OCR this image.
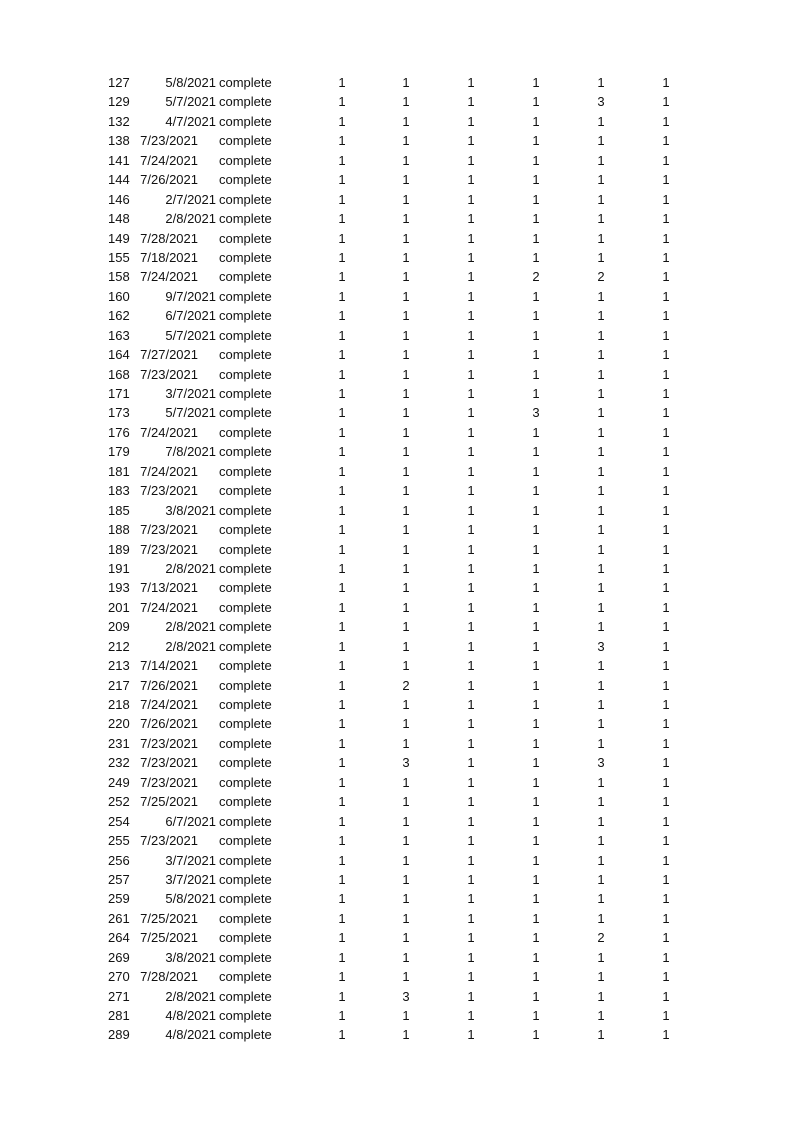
127	5/8/2021 complete	1	1	1	1	1	1
129	5/7/2021 complete	1	1	1	1	3	1
132	4/7/2021 complete	1	1	1	1	1	1
138 7/23/2021 complete	1	1	1	1	1	1
141 7/24/2021 complete	1	1	1	1	1	1
144 7/26/2021 complete	1	1	1	1	1	1
146	2/7/2021 complete	1	1	1	1	1	1
148	2/8/2021 complete	1	1	1	1	1	1
149 7/28/2021 complete	1	1	1	1	1	1
155 7/18/2021 complete	1	1	1	1	1	1
158 7/24/2021 complete	1	1	1	2	2	1
160	9/7/2021 complete	1	1	1	1	1	1
162	6/7/2021 complete	1	1	1	1	1	1
163	5/7/2021 complete	1	1	1	1	1	1
164 7/27/2021 complete	1	1	1	1	1	1
168 7/23/2021 complete	1	1	1	1	1	1
171	3/7/2021 complete	1	1	1	1	1	1
173	5/7/2021 complete	1	1	1	3	1	1
176 7/24/2021 complete	1	1	1	1	1	1
179	7/8/2021 complete	1	1	1	1	1	1
181 7/24/2021 complete	1	1	1	1	1	1
183 7/23/2021 complete	1	1	1	1	1	1
185	3/8/2021 complete	1	1	1	1	1	1
188 7/23/2021 complete	1	1	1	1	1	1
189 7/23/2021 complete	1	1	1	1	1	1
191	2/8/2021 complete	1	1	1	1	1	1
193 7/13/2021 complete	1	1	1	1	1	1
201 7/24/2021 complete	1	1	1	1	1	1
209	2/8/2021 complete	1	1	1	1	1	1
212	2/8/2021 complete	1	1	1	1	3	1
213 7/14/2021 complete	1	1	1	1	1	1
217 7/26/2021 complete	1	2	1	1	1	1
218 7/24/2021 complete	1	1	1	1	1	1
220 7/26/2021 complete	1	1	1	1	1	1
231 7/23/2021 complete	1	1	1	1	1	1
232 7/23/2021 complete	1	3	1	1	3	1
249 7/23/2021 complete	1	1	1	1	1	1
252 7/25/2021 complete	1	1	1	1	1	1
254	6/7/2021 complete	1	1	1	1	1	1
255 7/23/2021 complete	1	1	1	1	1	1
256	3/7/2021 complete	1	1	1	1	1	1
257	3/7/2021 complete	1	1	1	1	1	1
259	5/8/2021 complete	1	1	1	1	1	1
261 7/25/2021 complete	1	1	1	1	1	1
264 7/25/2021 complete	1	1	1	1	2	1
269	3/8/2021 complete	1	1	1	1	1	1
270 7/28/2021 complete	1	1	1	1	1	1
271	2/8/2021 complete	1	3	1	1	1	1
281	4/8/2021 complete	1	1	1	1	1	1
289	4/8/2021 complete	1	1	1	1	1	1
